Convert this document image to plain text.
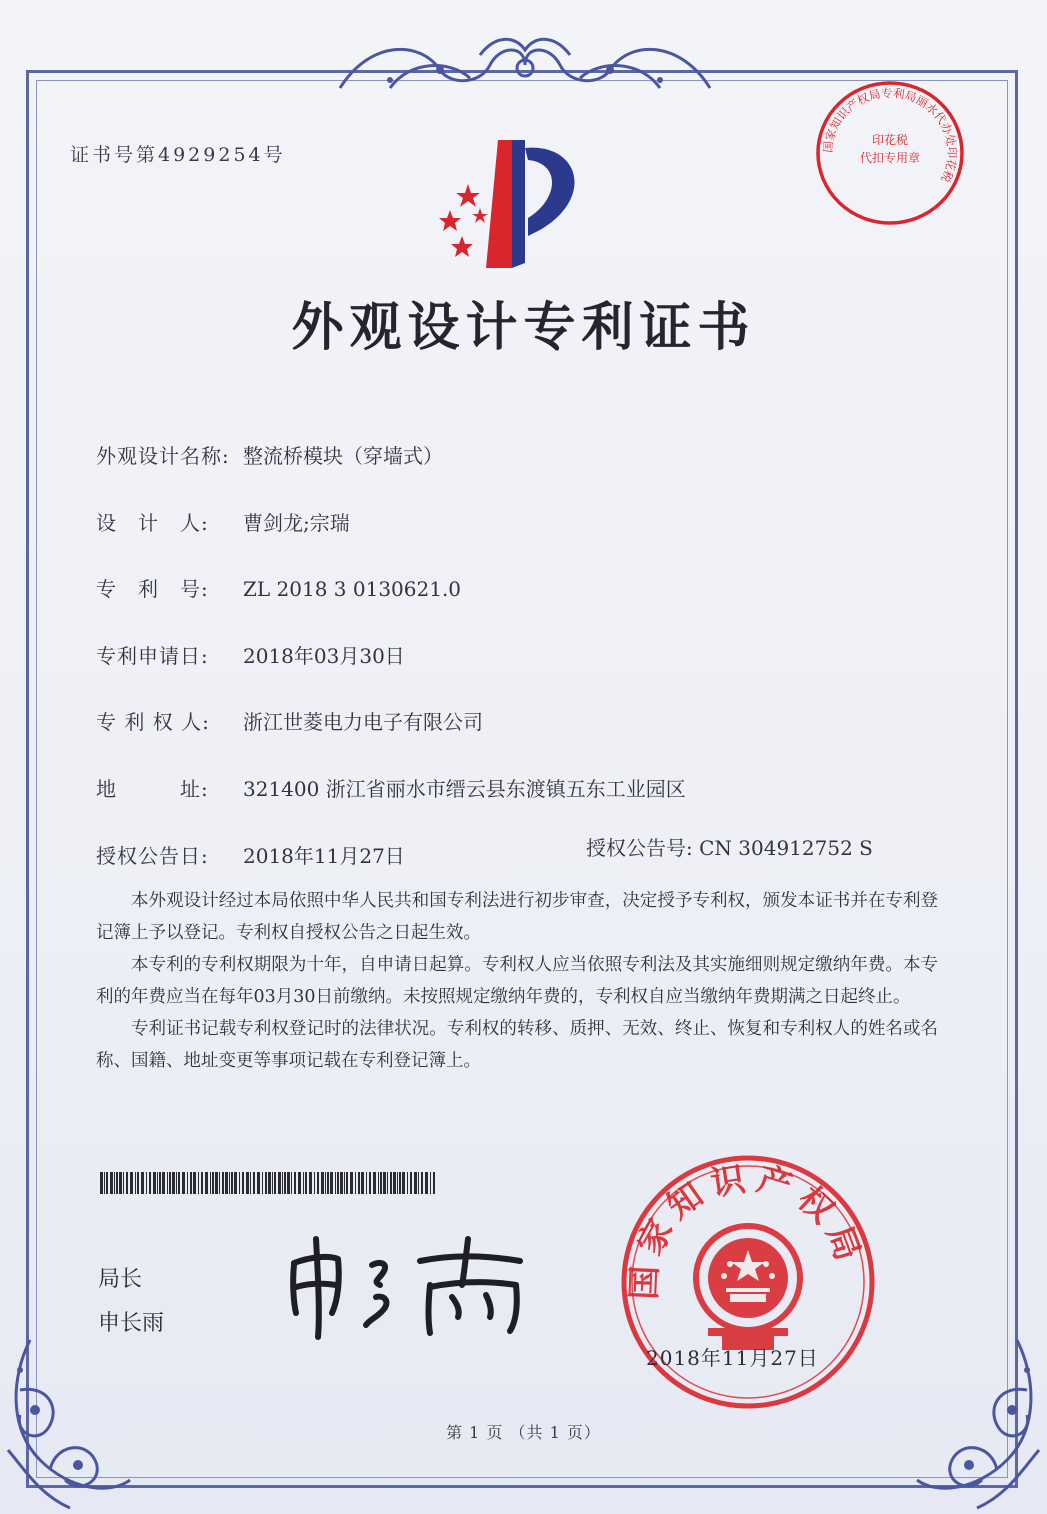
证书号第4929254号	国家知识产权局专利局丽水代办处印花税
印花税
代扣专用章
外观设计专利证书
外观设计名称: 整流桥模块（穿墙式）
设　计　人: 曹剑龙;宗瑞
专　利　号: ZL 2018 3 0130621.0
专利申请日: 2018年03月30日
专 利 权 人: 浙江世菱电力电子有限公司
地　　　址: 321400 浙江省丽水市缙云县东渡镇五东工业园区
授权公告日: 2018年11月27日	授权公告号: CN 304912752 S

本外观设计经过本局依照中华人民共和国专利法进行初步审查，决定授予专利权，颁发本证书并在专利登记簿上予以登记。专利权自授权公告之日起生效。

本专利的专利权期限为十年，自申请日起算。专利权人应当依照专利法及其实施细则规定缴纳年费。本专利的年费应当在每年03月30日前缴纳。未按照规定缴纳年费的，专利权自应当缴纳年费期满之日起终止。

专利证书记载专利权登记时的法律状况。专利权的转移、质押、无效、终止、恢复和专利权人的姓名或名称、国籍、地址变更等事项记载在专利登记簿上。

局长
申长雨
国家知识产权局
2018年11月27日
第 1 页 （共 1 页）
